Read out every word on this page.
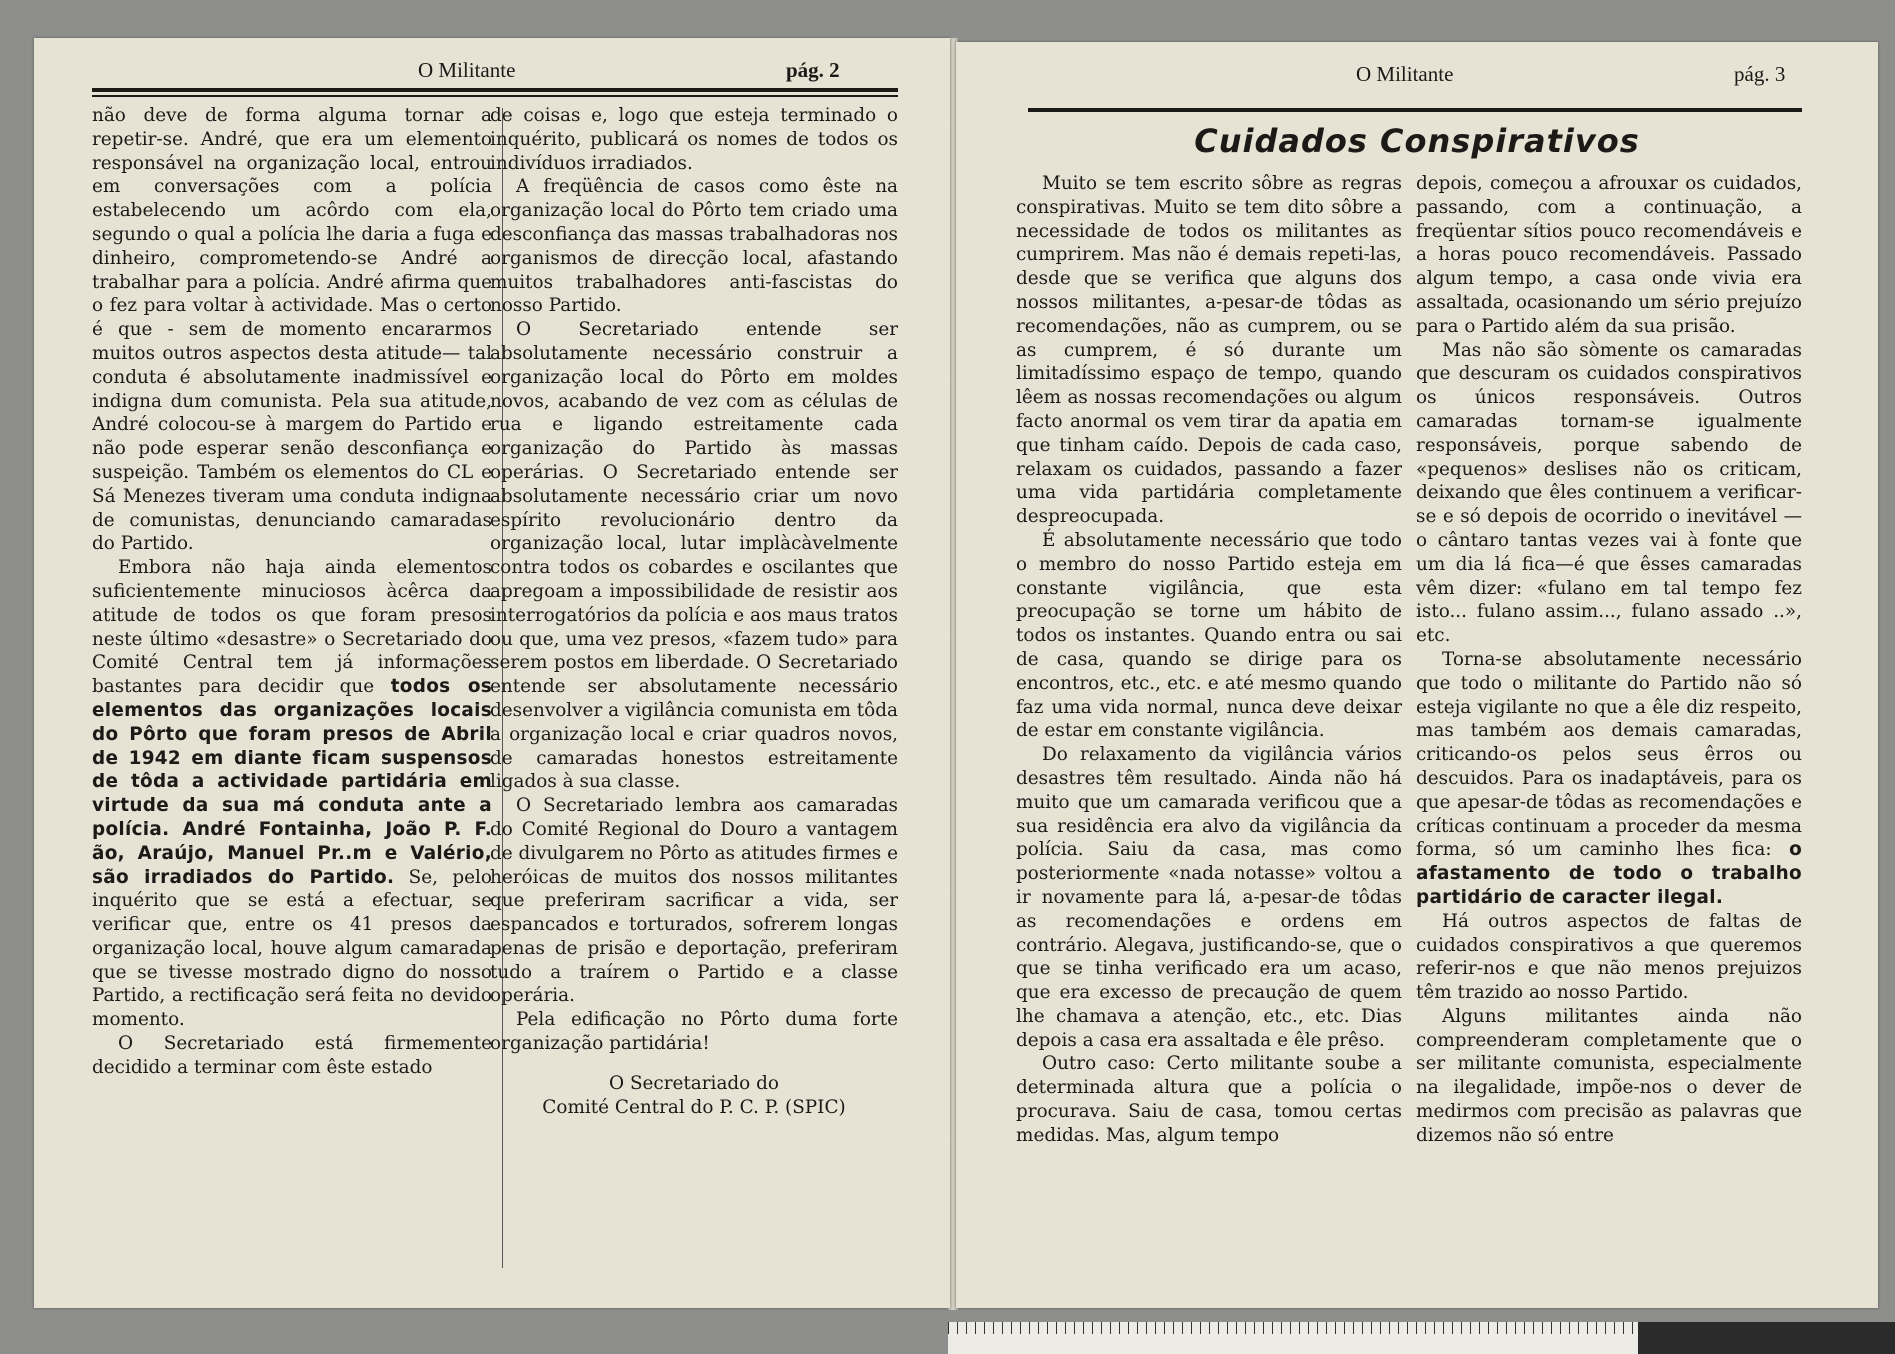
O Militante	pág. 2

não deve de forma alguma tornar a repetir-se. André, que era um elemento responsável na organização local, entrou em conversações com a polícia estabelecendo um acôrdo com ela, segundo o qual a polícia lhe daria a fuga e dinheiro, comprometendo-se André a trabalhar para a polícia. André afirma que o fez para voltar à actividade. Mas o certo é que - sem de momento encararmos muitos outros aspectos desta atitude— tal conduta é absolutamente inadmissível e indigna dum comunista. Pela sua atitude, André colocou-se à margem do Partido e não pode esperar senão desconfiança e suspeição. Também os elementos do CL e Sá Menezes tiveram uma conduta indigna de comunistas, denunciando camaradas do Partido.

Embora não haja ainda elementos suficientemente minuciosos àcêrca da atitude de todos os que foram presos neste último «desastre» o Secretariado do Comité Central tem já informações bastantes para decidir que todos os elementos das organizações locais do Pôrto que foram presos de Abril de 1942 em diante ficam suspensos de tôda a actividade partidária em virtude da sua má conduta ante a polícia. André Fontainha, João P. F. ão, Araújo, Manuel Pr..m e Valério, são irradiados do Partido. Se, pelo inquérito que se está a efectuar, se verificar que, entre os 41 presos da organização local, houve algum camarada que se tivesse mostrado digno do nosso Partido, a rectificação será feita no devido momento.

O Secretariado está firmemente decidido a terminar com êste estado

de coisas e, logo que esteja terminado o inquérito, publicará os nomes de todos os indivíduos irradiados.

A freqüência de casos como êste na organização local do Pôrto tem criado uma desconfiança das massas trabalhadoras nos organismos de direcção local, afastando muitos trabalhadores anti-fascistas do nosso Partido.

O Secretariado entende ser absolutamente necessário construir a organização local do Pôrto em moldes novos, acabando de vez com as células de rua e ligando estreitamente cada organização do Partido às massas operárias. O Secretariado entende ser absolutamente necessário criar um novo espírito revolucionário dentro da organização local, lutar implàcàvelmente contra todos os cobardes e oscilantes que apregoam a impossibilidade de resistir aos interrogatórios da polícia e aos maus tratos ou que, uma vez presos, «fazem tudo» para serem postos em liberdade. O Secretariado entende ser absolutamente necessário desenvolver a vigilância comunista em tôda a organização local e criar quadros novos, de camaradas honestos estreitamente ligados à sua classe.

O Secretariado lembra aos camaradas do Comité Regional do Douro a vantagem de divulgarem no Pôrto as atitudes firmes e heróicas de muitos dos nossos militantes que preferiram sacrificar a vida, ser espancados e torturados, sofrerem longas penas de prisão e deportação, preferiram tudo a traírem o Partido e a classe operária.

Pela edificação no Pôrto duma forte organização partidária!

O Secretariado do

Comité Central do P. C. P. (SPIC)

O Militante	pág. 3
Cuidados Conspirativos

Muito se tem escrito sôbre as regras conspirativas. Muito se tem dito sôbre a necessidade de todos os militantes as cumprirem. Mas não é demais repeti-las, desde que se verifica que alguns dos nossos militantes, a-pesar-de tôdas as recomendações, não as cumprem, ou se as cumprem, é só durante um limitadíssimo espaço de tempo, quando lêem as nossas recomendações ou algum facto anormal os vem tirar da apatia em que tinham caído. Depois de cada caso, relaxam os cuidados, passando a fazer uma vida partidária completamente despreocupada.

É absolutamente necessário que todo o membro do nosso Partido esteja em constante vigilância, que esta preocupação se torne um hábito de todos os instantes. Quando entra ou sai de casa, quando se dirige para os encontros, etc., etc. e até mesmo quando faz uma vida normal, nunca deve deixar de estar em constante vigilância.

Do relaxamento da vigilância vários desastres têm resultado. Ainda não há muito que um camarada verificou que a sua residência era alvo da vigilância da polícia. Saiu da casa, mas como posteriormente «nada notasse» voltou a ir novamente para lá, a-pesar-de tôdas as recomendações e ordens em contrário. Alegava, justificando-se, que o que se tinha verificado era um acaso, que era excesso de precaução de quem lhe chamava a atenção, etc., etc. Dias depois a casa era assaltada e êle prêso.

Outro caso: Certo militante soube a determinada altura que a polícia o procurava. Saiu de casa, tomou certas medidas. Mas, algum tempo

depois, começou a afrouxar os cuidados, passando, com a continuação, a freqüentar sítios pouco recomendáveis e a horas pouco recomendáveis. Passado algum tempo, a casa onde vivia era assaltada, ocasionando um sério prejuízo para o Partido além da sua prisão.

Mas não são sòmente os camaradas que descuram os cuidados conspirativos os únicos responsáveis. Outros camaradas tornam-se igualmente responsáveis, porque sabendo de «pequenos» deslises não os criticam, deixando que êles continuem a verificar-se e só depois de ocorrido o inevitável — o cântaro tantas vezes vai à fonte que um dia lá fica—é que êsses camaradas vêm dizer: «fulano em tal tempo fez isto... fulano assim..., fulano assado ..», etc.

Torna-se absolutamente necessário que todo o militante do Partido não só esteja vigilante no que a êle diz respeito, mas também aos demais camaradas, criticando-os pelos seus êrros ou descuidos. Para os inadaptáveis, para os que apesar-de tôdas as recomendações e críticas continuam a proceder da mesma forma, só um caminho lhes fica: o afastamento de todo o trabalho partidário de caracter ilegal.

Há outros aspectos de faltas de cuidados conspirativos a que queremos referir-nos e que não menos prejuizos têm trazido ao nosso Partido.

Alguns militantes ainda não compreenderam completamente que o ser militante comunista, especialmente na ilegalidade, impõe-nos o dever de medirmos com precisão as palavras que dizemos não só entre
